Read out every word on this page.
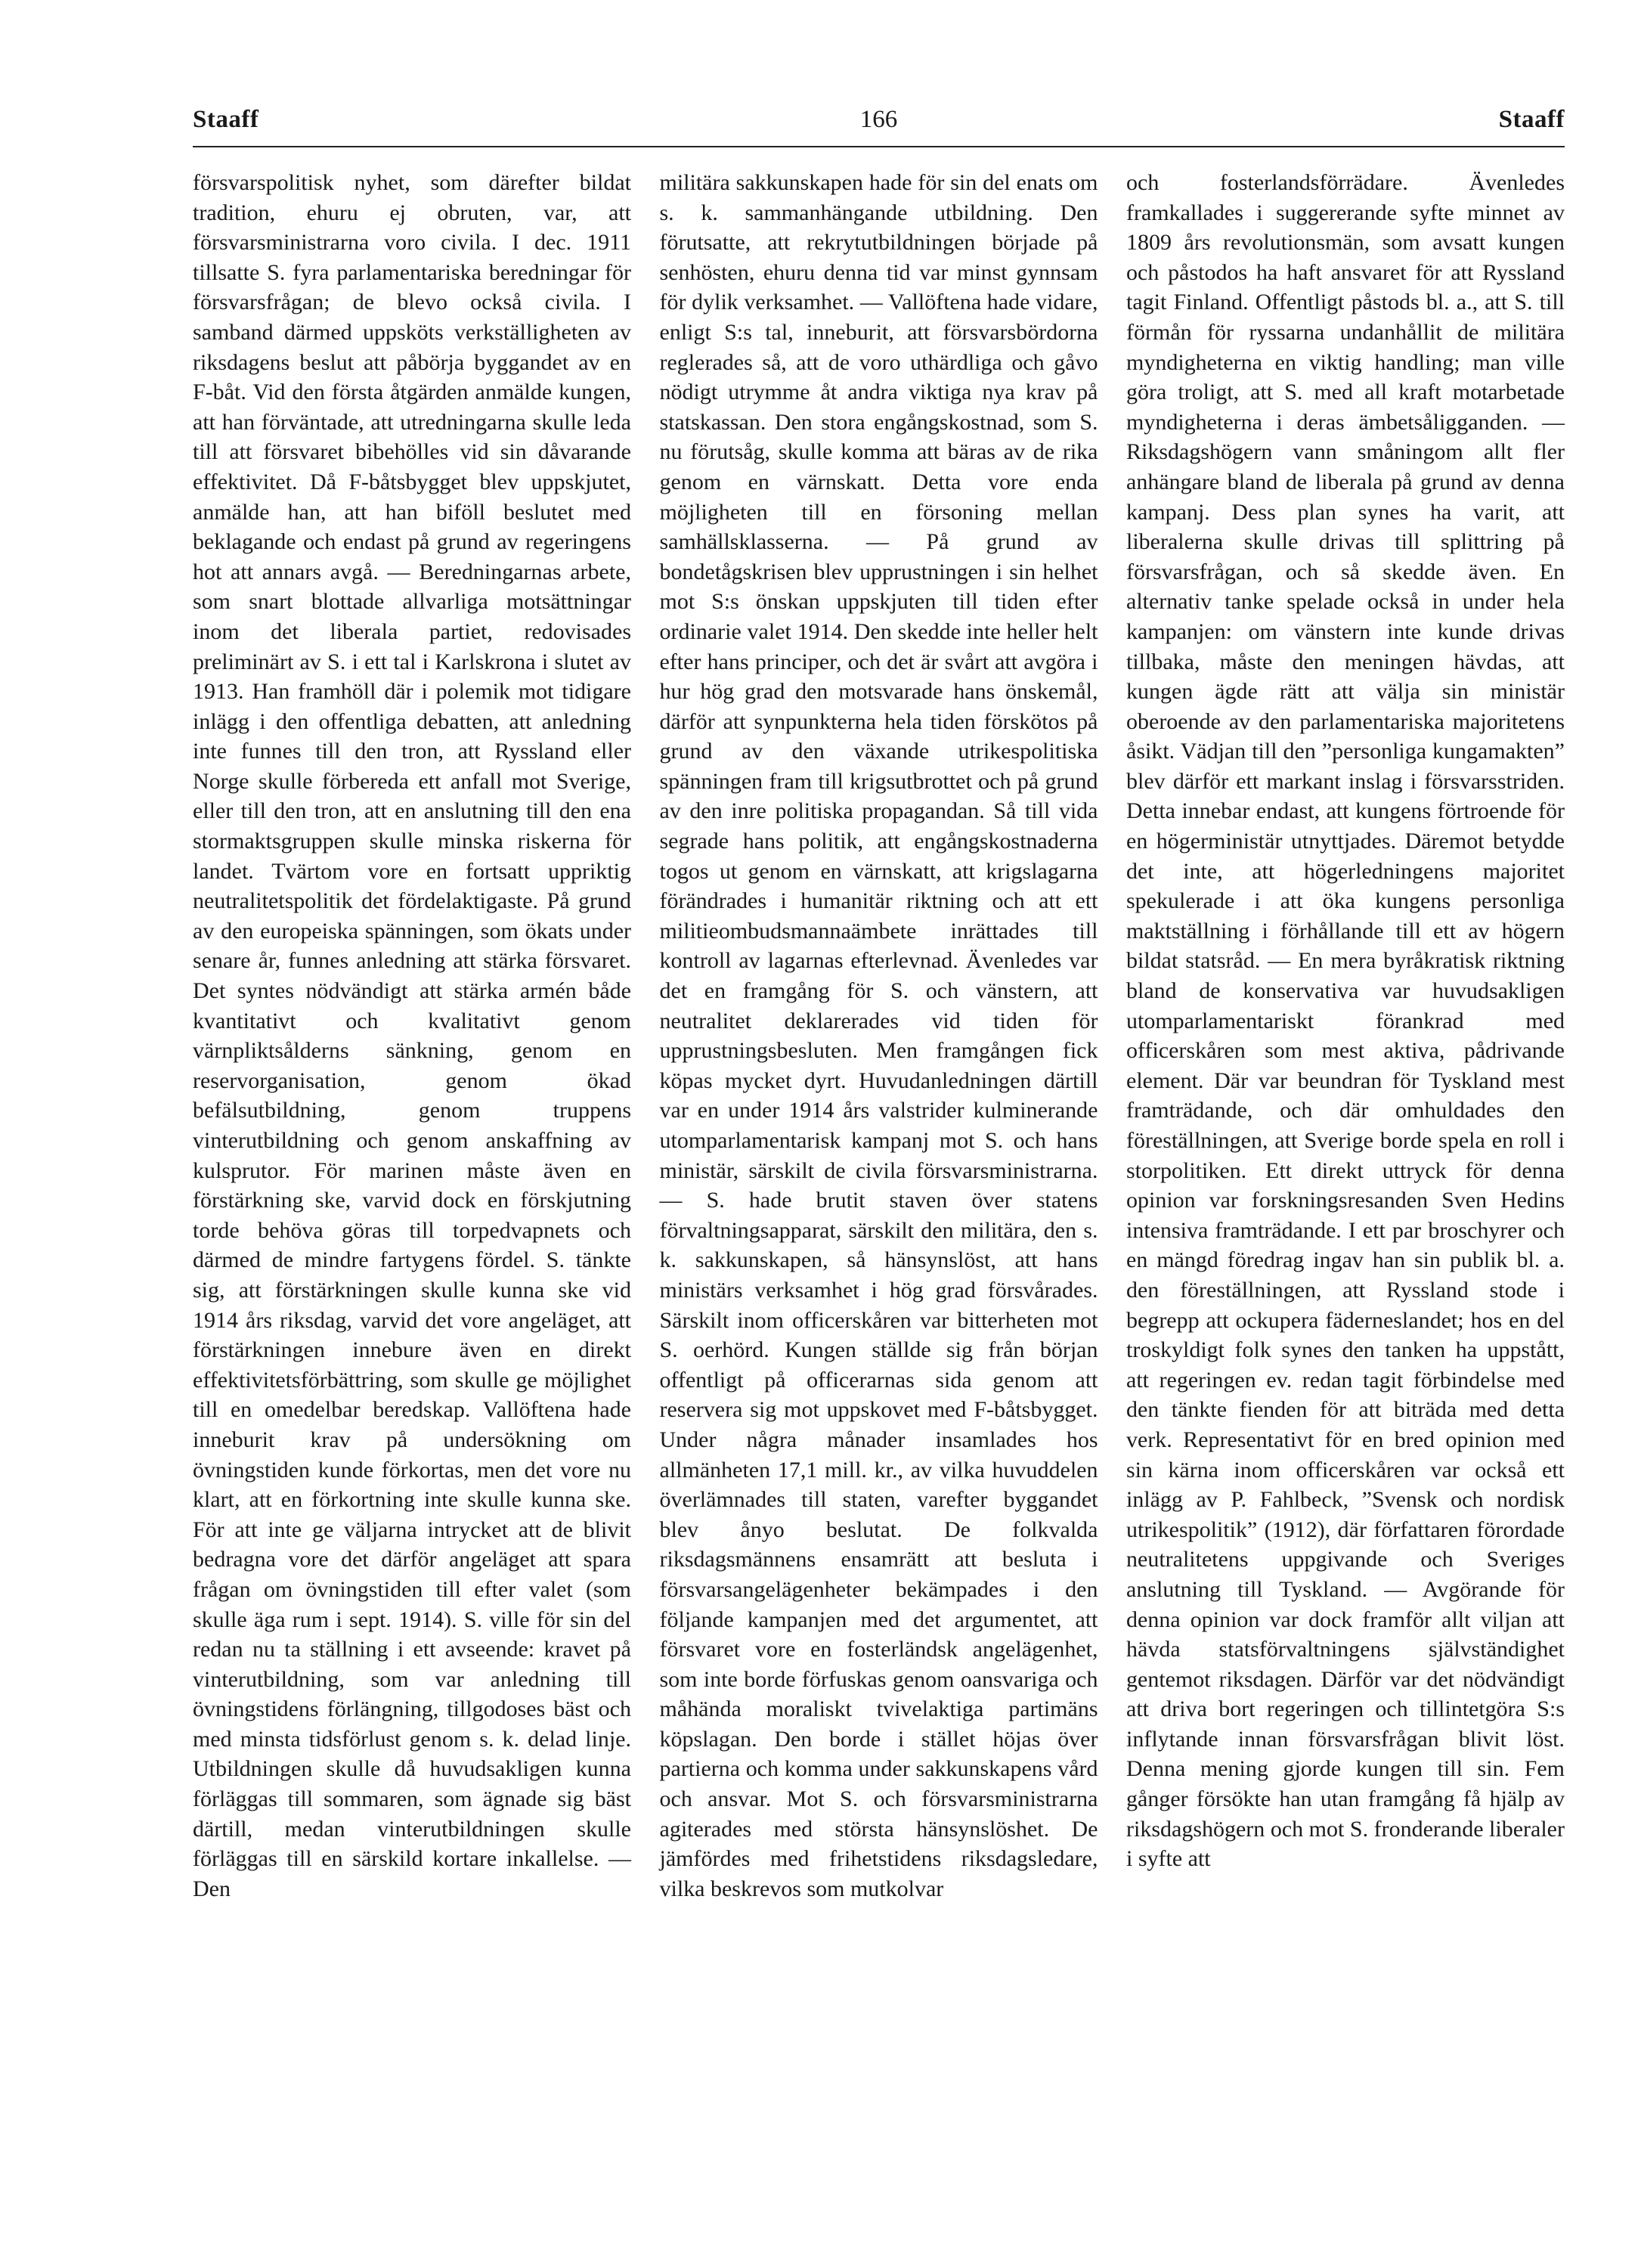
Staaff	166	Staaff

försvarspolitisk nyhet, som därefter bildat tradition, ehuru ej obruten, var, att försvarsministrarna voro civila. I dec. 1911 tillsatte S. fyra parlamentariska beredningar för försvarsfrågan; de blevo också civila. I samband därmed uppsköts verkställigheten av riksdagens beslut att påbörja byggandet av en F-båt. Vid den första åtgärden anmälde kungen, att han förväntade, att utredningarna skulle leda till att försvaret bibehölles vid sin dåvarande effektivitet. Då F-båtsbygget blev uppskjutet, anmälde han, att han biföll beslutet med beklagande och endast på grund av regeringens hot att annars avgå. — Beredningarnas arbete, som snart blottade allvarliga motsättningar inom det liberala partiet, redovisades preliminärt av S. i ett tal i Karlskrona i slutet av 1913. Han framhöll där i polemik mot tidigare inlägg i den offentliga debatten, att anledning inte funnes till den tron, att Ryssland eller Norge skulle förbereda ett anfall mot Sverige, eller till den tron, att en anslutning till den ena stormaktsgruppen skulle minska riskerna för landet. Tvärtom vore en fortsatt uppriktig neutralitetspolitik det fördelaktigaste. På grund av den europeiska spänningen, som ökats under senare år, funnes anledning att stärka försvaret. Det syntes nödvändigt att stärka armén både kvantitativt och kvalitativt genom värnpliktsålderns sänkning, genom en reservorganisation, genom ökad befälsutbildning, genom truppens vinterutbildning och genom anskaffning av kulsprutor. För marinen måste även en förstärkning ske, varvid dock en förskjutning torde behöva göras till torpedvapnets och därmed de mindre fartygens fördel. S. tänkte sig, att förstärkningen skulle kunna ske vid 1914 års riksdag, varvid det vore angeläget, att förstärkningen innebure även en direkt effektivitetsförbättring, som skulle ge möjlighet till en omedelbar beredskap. Vallöftena hade inneburit krav på undersökning om övningstiden kunde förkortas, men det vore nu klart, att en förkortning inte skulle kunna ske. För att inte ge väljarna intrycket att de blivit bedragna vore det därför angeläget att spara frågan om övningstiden till efter valet (som skulle äga rum i sept. 1914). S. ville för sin del redan nu ta ställning i ett avseende: kravet på vinterutbildning, som var anledning till övningstidens förlängning, tillgodoses bäst och med minsta tidsförlust genom s. k. delad linje. Utbildningen skulle då huvudsakligen kunna förläggas till sommaren, som ägnade sig bäst därtill, medan vinterutbildningen skulle förläggas till en särskild kortare inkallelse. — Den

militära sakkunskapen hade för sin del enats om s. k. sammanhängande utbildning. Den förutsatte, att rekrytutbildningen började på senhösten, ehuru denna tid var minst gynnsam för dylik verksamhet. — Vallöftena hade vidare, enligt S:s tal, inneburit, att försvarsbördorna reglerades så, att de voro uthärdliga och gåvo nödigt utrymme åt andra viktiga nya krav på statskassan. Den stora engångskostnad, som S. nu förutsåg, skulle komma att bäras av de rika genom en värnskatt. Detta vore enda möjligheten till en försoning mellan samhällsklasserna. — På grund av bondetågskrisen blev upprustningen i sin helhet mot S:s önskan uppskjuten till tiden efter ordinarie valet 1914. Den skedde inte heller helt efter hans principer, och det är svårt att avgöra i hur hög grad den motsvarade hans önskemål, därför att synpunkterna hela tiden förskötos på grund av den växande utrikespolitiska spänningen fram till krigsutbrottet och på grund av den inre politiska propagandan. Så till vida segrade hans politik, att engångskostnaderna togos ut genom en värnskatt, att krigslagarna förändrades i humanitär riktning och att ett militieombudsmannaämbete inrättades till kontroll av lagarnas efterlevnad. Ävenledes var det en framgång för S. och vänstern, att neutralitet deklarerades vid tiden för upprustningsbesluten. Men framgången fick köpas mycket dyrt. Huvudanledningen därtill var en under 1914 års valstrider kulminerande utomparlamentarisk kampanj mot S. och hans ministär, särskilt de civila försvarsministrarna. — S. hade brutit staven över statens förvaltningsapparat, särskilt den militära, den s. k. sakkunskapen, så hänsynslöst, att hans ministärs verksamhet i hög grad försvårades. Särskilt inom officerskåren var bitterheten mot S. oerhörd. Kungen ställde sig från början offentligt på officerarnas sida genom att reservera sig mot uppskovet med F-båtsbygget. Under några månader insamlades hos allmänheten 17,1 mill. kr., av vilka huvuddelen överlämnades till staten, varefter byggandet blev ånyo beslutat. De folkvalda riksdagsmännens ensamrätt att besluta i försvarsangelägenheter bekämpades i den följande kampanjen med det argumentet, att försvaret vore en fosterländsk angelägenhet, som inte borde förfuskas genom oansvariga och måhända moraliskt tvivelaktiga partimäns köpslagan. Den borde i stället höjas över partierna och komma under sakkunskapens vård och ansvar. Mot S. och försvarsministrarna agiterades med största hänsynslöshet. De jämfördes med frihetstidens riksdagsledare, vilka beskrevos som mutkolvar

och fosterlandsförrädare. Ävenledes framkallades i suggererande syfte minnet av 1809 års revolutionsmän, som avsatt kungen och påstodos ha haft ansvaret för att Ryssland tagit Finland. Offentligt påstods bl. a., att S. till förmån för ryssarna undanhållit de militära myndigheterna en viktig handling; man ville göra troligt, att S. med all kraft motarbetade myndigheterna i deras ämbetsåligganden. — Riksdagshögern vann småningom allt fler anhängare bland de liberala på grund av denna kampanj. Dess plan synes ha varit, att liberalerna skulle drivas till splittring på försvarsfrågan, och så skedde även. En alternativ tanke spelade också in under hela kampanjen: om vänstern inte kunde drivas tillbaka, måste den meningen hävdas, att kungen ägde rätt att välja sin ministär oberoende av den parlamentariska majoritetens åsikt. Vädjan till den ”personliga kungamakten” blev därför ett markant inslag i försvarsstriden. Detta innebar endast, att kungens förtroende för en högerministär utnyttjades. Däremot betydde det inte, att högerledningens majoritet spekulerade i att öka kungens personliga maktställning i förhållande till ett av högern bildat statsråd. — En mera byråkratisk riktning bland de konservativa var huvudsakligen utomparlamentariskt förankrad med officerskåren som mest aktiva, pådrivande element. Där var beundran för Tyskland mest framträdande, och där omhuldades den föreställningen, att Sverige borde spela en roll i storpolitiken. Ett direkt uttryck för denna opinion var forskningsresanden Sven Hedins intensiva framträdande. I ett par broschyrer och en mängd föredrag ingav han sin publik bl. a. den föreställningen, att Ryssland stode i begrepp att ockupera fäderneslandet; hos en del troskyldigt folk synes den tanken ha uppstått, att regeringen ev. redan tagit förbindelse med den tänkte fienden för att biträda med detta verk. Representativt för en bred opinion med sin kärna inom officerskåren var också ett inlägg av P. Fahlbeck, ”Svensk och nordisk utrikespolitik” (1912), där författaren förordade neutralitetens uppgivande och Sveriges anslutning till Tyskland. — Avgörande för denna opinion var dock framför allt viljan att hävda statsförvaltningens självständighet gentemot riksdagen. Därför var det nödvändigt att driva bort regeringen och tillintetgöra S:s inflytande innan försvarsfrågan blivit löst. Denna mening gjorde kungen till sin. Fem gånger försökte han utan framgång få hjälp av riksdagshögern och mot S. fronderande liberaler i syfte att
